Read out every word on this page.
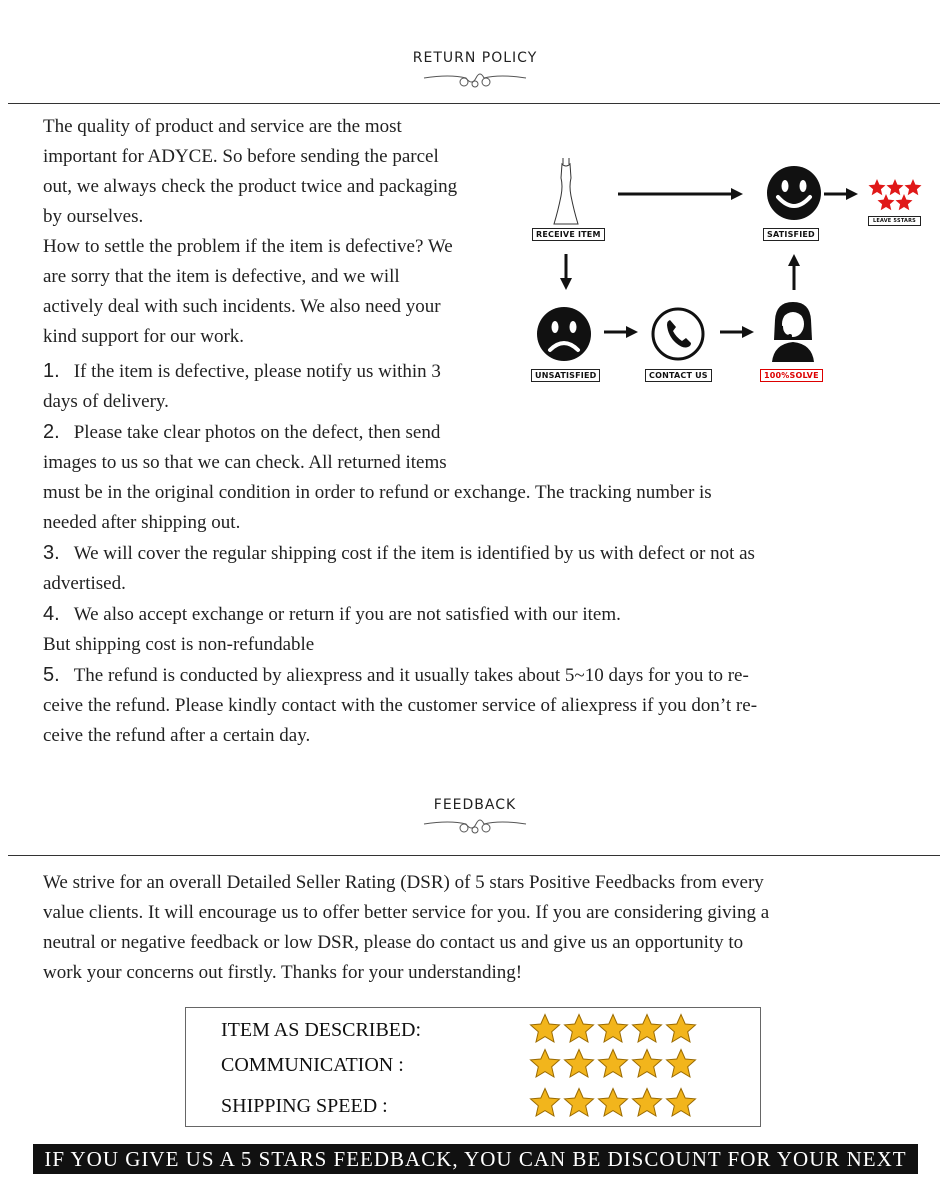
RETURN POLICY

The quality of product and service are the most

important for ADYCE. So before sending the parcel

out, we always check the product twice and packaging

by ourselves.

How to settle the problem if the item is defective? We

are sorry that the item is defective, and we will

actively deal with such incidents. We also need your

kind support for our work.

1. If the item is defective, please notify us within 3

days of delivery.

2. Please take clear photos on the defect, then send

images to us so that we can check. All returned items

must be in the original condition in order to refund or exchange. The tracking number is

needed after shipping out.

3. We will cover the regular shipping cost if the item is identified by us with defect or not as

advertised.

4. We also accept exchange or return if you are not satisfied with our item.

But shipping cost is non-refundable

5. The refund is conducted by aliexpress and it usually takes about 5~10 days for you to re-

ceive the refund. Please kindly contact with the customer service of aliexpress if you don’t re-

ceive the refund after a certain day.

RECEIVE ITEM	SATISFIED
LEAVE 5STARS
UNSATISFIED	CONTACT US	100%SOLVE
FEEDBACK

We strive for an overall Detailed Seller Rating (DSR) of 5 stars Positive Feedbacks from every

value clients. It will encourage us to offer better service for you. If you are considering giving a

neutral or negative feedback or low DSR, please do contact us and give us an opportunity to

work your concerns out firstly. Thanks for your understanding!

ITEM AS DESCRIBED:
COMMUNICATION :
SHIPPING SPEED :
IF YOU GIVE US A 5 STARS FEEDBACK, YOU CAN BE DISCOUNT FOR YOUR NEXT ORDER
